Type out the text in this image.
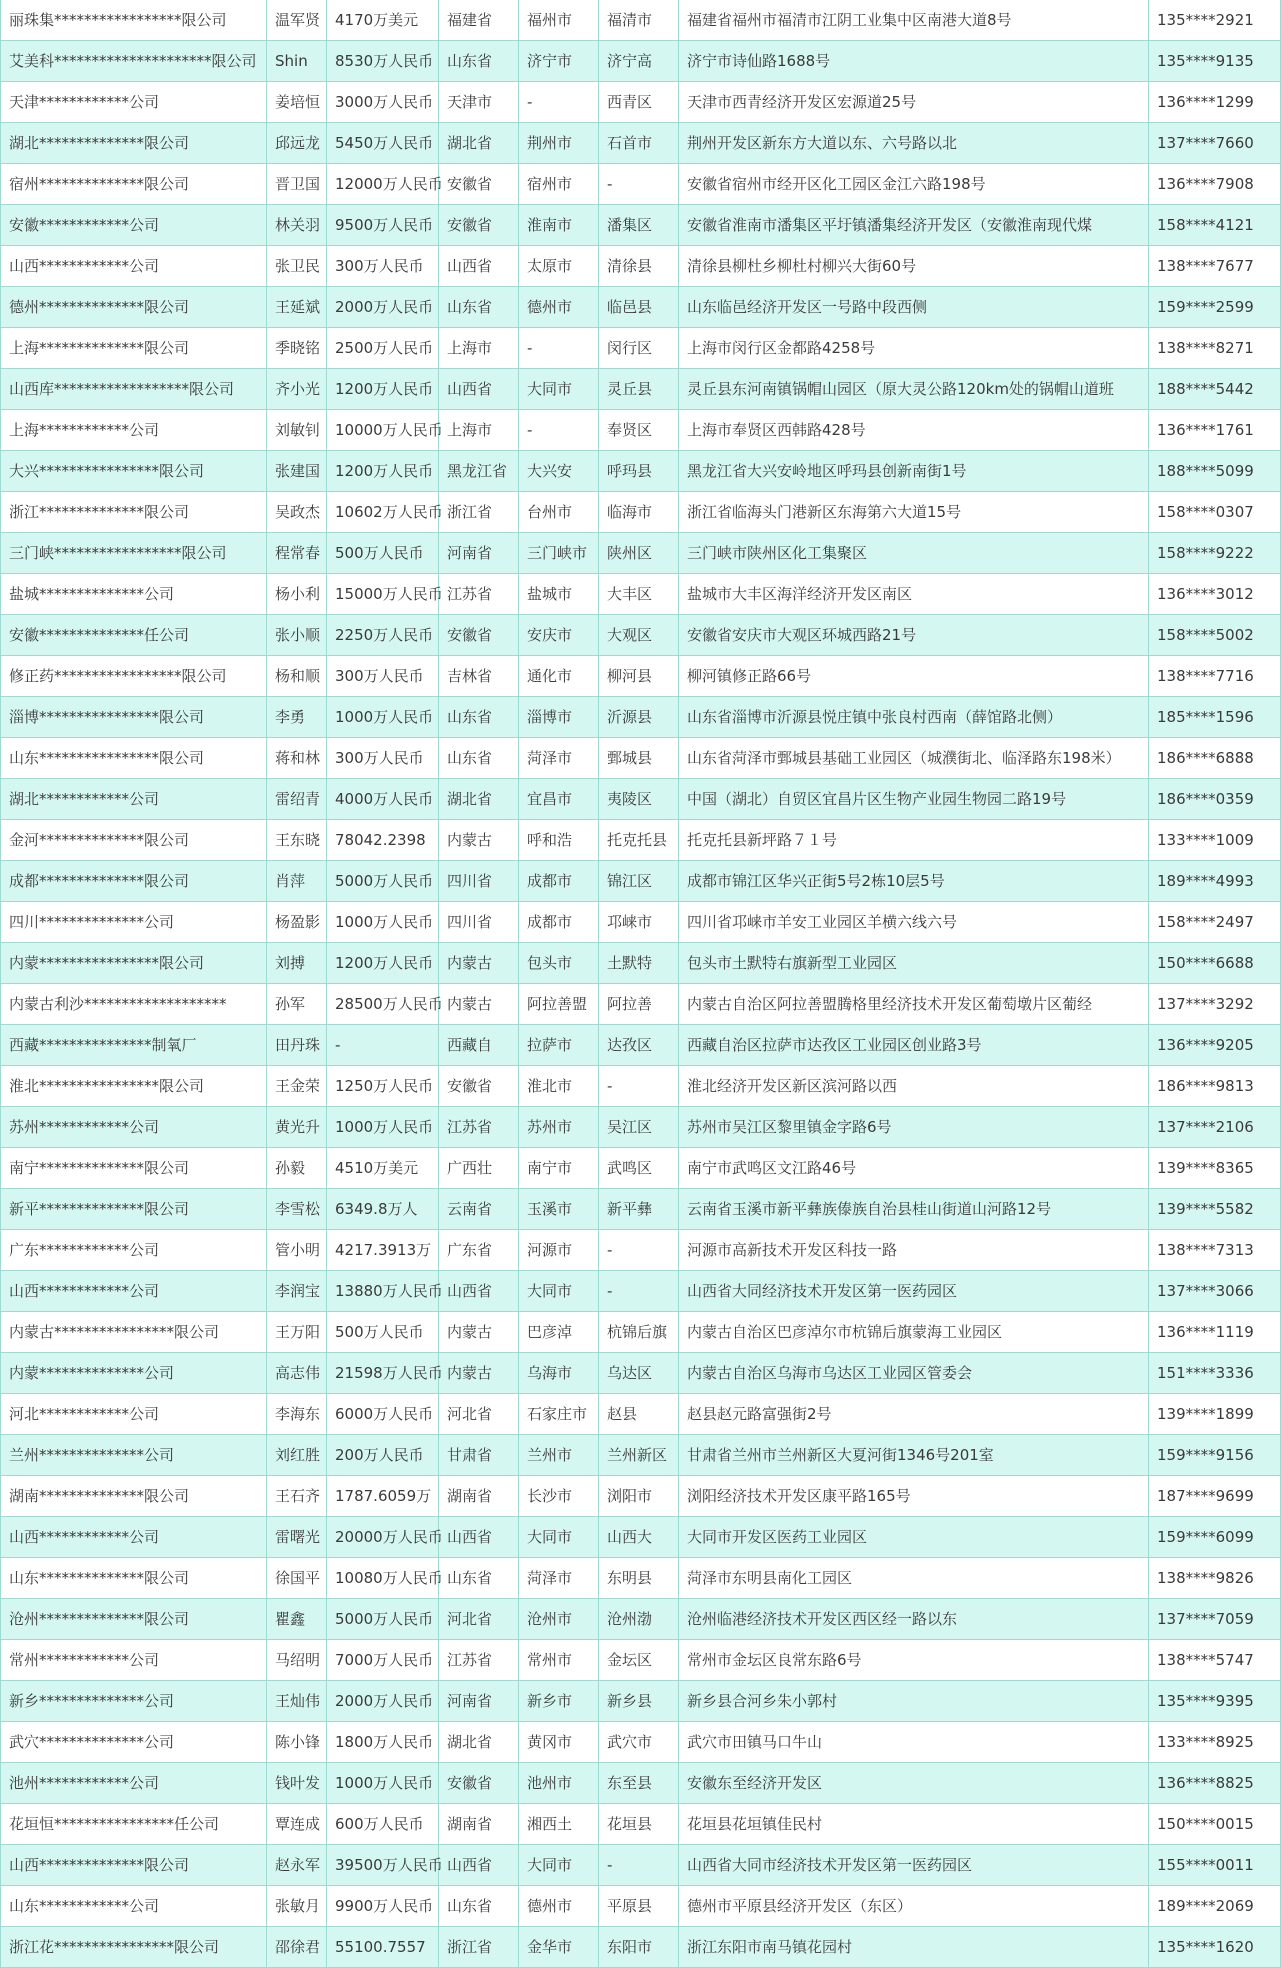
丽珠集*****************限公司	温军贤	4170万美元	福建省	福州市	福清市	福建省福州市福清市江阴工业集中区南港大道8号	135****2921
艾美科*********************限公司	Shin	8530万人民币	山东省	济宁市	济宁高	济宁市诗仙路1688号	135****9135
天津************公司	姜培恒	3000万人民币	天津市	-	西青区	天津市西青经济开发区宏源道25号	136****1299
湖北**************限公司	邱远龙	5450万人民币	湖北省	荆州市	石首市	荆州开发区新东方大道以东、六号路以北	137****7660
宿州**************限公司	晋卫国	12000万人民币	安徽省	宿州市	-	安徽省宿州市经开区化工园区金江六路198号	136****7908
安徽************公司	林关羽	9500万人民币	安徽省	淮南市	潘集区	安徽省淮南市潘集区平圩镇潘集经济开发区（安徽淮南现代煤	158****4121
山西************公司	张卫民	300万人民币	山西省	太原市	清徐县	清徐县柳杜乡柳杜村柳兴大街60号	138****7677
德州**************限公司	王延斌	2000万人民币	山东省	德州市	临邑县	山东临邑经济开发区一号路中段西侧	159****2599
上海**************限公司	季晓铭	2500万人民币	上海市	-	闵行区	上海市闵行区金都路4258号	138****8271
山西库******************限公司	齐小光	1200万人民币	山西省	大同市	灵丘县	灵丘县东河南镇锅帽山园区（原大灵公路120km处的锅帽山道班	188****5442
上海************公司	刘敏钊	10000万人民币	上海市	-	奉贤区	上海市奉贤区西韩路428号	136****1761
大兴****************限公司	张建国	1200万人民币	黑龙江省	大兴安	呼玛县	黑龙江省大兴安岭地区呼玛县创新南街1号	188****5099
浙江**************限公司	吴政杰	10602万人民币	浙江省	台州市	临海市	浙江省临海头门港新区东海第六大道15号	158****0307
三门峡*****************限公司	程常春	500万人民币	河南省	三门峡市	陕州区	三门峡市陕州区化工集聚区	158****9222
盐城**************公司	杨小利	15000万人民币	江苏省	盐城市	大丰区	盐城市大丰区海洋经济开发区南区	136****3012
安徽**************任公司	张小顺	2250万人民币	安徽省	安庆市	大观区	安徽省安庆市大观区环城西路21号	158****5002
修正药*****************限公司	杨和顺	300万人民币	吉林省	通化市	柳河县	柳河镇修正路66号	138****7716
淄博****************限公司	李勇	1000万人民币	山东省	淄博市	沂源县	山东省淄博市沂源县悦庄镇中张良村西南（薛馆路北侧）	185****1596
山东****************限公司	蒋和林	300万人民币	山东省	菏泽市	鄄城县	山东省菏泽市鄄城县基础工业园区（城濮街北、临泽路东198米）	186****6888
湖北************公司	雷绍青	4000万人民币	湖北省	宜昌市	夷陵区	中国（湖北）自贸区宜昌片区生物产业园生物园二路19号	186****0359
金河**************限公司	王东晓	78042.2398	内蒙古	呼和浩	托克托县	托克托县新坪路７１号	133****1009
成都**************限公司	肖萍	5000万人民币	四川省	成都市	锦江区	成都市锦江区华兴正街5号2栋10层5号	189****4993
四川**************公司	杨盈影	1000万人民币	四川省	成都市	邛崃市	四川省邛崃市羊安工业园区羊横六线六号	158****2497
内蒙****************限公司	刘搏	1200万人民币	内蒙古	包头市	土默特	包头市土默特右旗新型工业园区	150****6688
内蒙古利沙*******************	孙军	28500万人民币	内蒙古	阿拉善盟	阿拉善	内蒙古自治区阿拉善盟腾格里经济技术开发区葡萄墩片区葡经	137****3292
西藏***************制氧厂	田丹珠	-	西藏自	拉萨市	达孜区	西藏自治区拉萨市达孜区工业园区创业路3号	136****9205
淮北****************限公司	王金荣	1250万人民币	安徽省	淮北市	-	淮北经济开发区新区滨河路以西	186****9813
苏州************公司	黄光升	1000万人民币	江苏省	苏州市	吴江区	苏州市吴江区黎里镇金字路6号	137****2106
南宁**************限公司	孙毅	4510万美元	广西壮	南宁市	武鸣区	南宁市武鸣区文江路46号	139****8365
新平**************限公司	李雪松	6349.8万人	云南省	玉溪市	新平彝	云南省玉溪市新平彝族傣族自治县桂山街道山河路12号	139****5582
广东************公司	管小明	4217.3913万	广东省	河源市	-	河源市高新技术开发区科技一路	138****7313
山西************公司	李润宝	13880万人民币	山西省	大同市	-	山西省大同经济技术开发区第一医药园区	137****3066
内蒙古****************限公司	王万阳	500万人民币	内蒙古	巴彦淖	杭锦后旗	内蒙古自治区巴彦淖尔市杭锦后旗蒙海工业园区	136****1119
内蒙**************公司	高志伟	21598万人民币	内蒙古	乌海市	乌达区	内蒙古自治区乌海市乌达区工业园区管委会	151****3336
河北************公司	李海东	6000万人民币	河北省	石家庄市	赵县	赵县赵元路富强街2号	139****1899
兰州**************公司	刘红胜	200万人民币	甘肃省	兰州市	兰州新区	甘肃省兰州市兰州新区大夏河街1346号201室	159****9156
湖南**************限公司	王石齐	1787.6059万	湖南省	长沙市	浏阳市	浏阳经济技术开发区康平路165号	187****9699
山西************公司	雷曙光	20000万人民币	山西省	大同市	山西大	大同市开发区医药工业园区	159****6099
山东**************限公司	徐国平	10080万人民币	山东省	菏泽市	东明县	菏泽市东明县南化工园区	138****9826
沧州**************限公司	瞿鑫	5000万人民币	河北省	沧州市	沧州渤	沧州临港经济技术开发区西区经一路以东	137****7059
常州************公司	马绍明	7000万人民币	江苏省	常州市	金坛区	常州市金坛区良常东路6号	138****5747
新乡**************公司	王灿伟	2000万人民币	河南省	新乡市	新乡县	新乡县合河乡朱小郭村	135****9395
武穴**************公司	陈小锋	1800万人民币	湖北省	黄冈市	武穴市	武穴市田镇马口牛山	133****8925
池州************公司	钱叶发	1000万人民币	安徽省	池州市	东至县	安徽东至经济开发区	136****8825
花垣恒****************任公司	覃连成	600万人民币	湖南省	湘西土	花垣县	花垣县花垣镇佳民村	150****0015
山西**************限公司	赵永军	39500万人民币	山西省	大同市	-	山西省大同市经济技术开发区第一医药园区	155****0011
山东************公司	张敏月	9900万人民币	山东省	德州市	平原县	德州市平原县经济开发区（东区）	189****2069
浙江花****************限公司	邵徐君	55100.7557	浙江省	金华市	东阳市	浙江东阳市南马镇花园村	135****1620
